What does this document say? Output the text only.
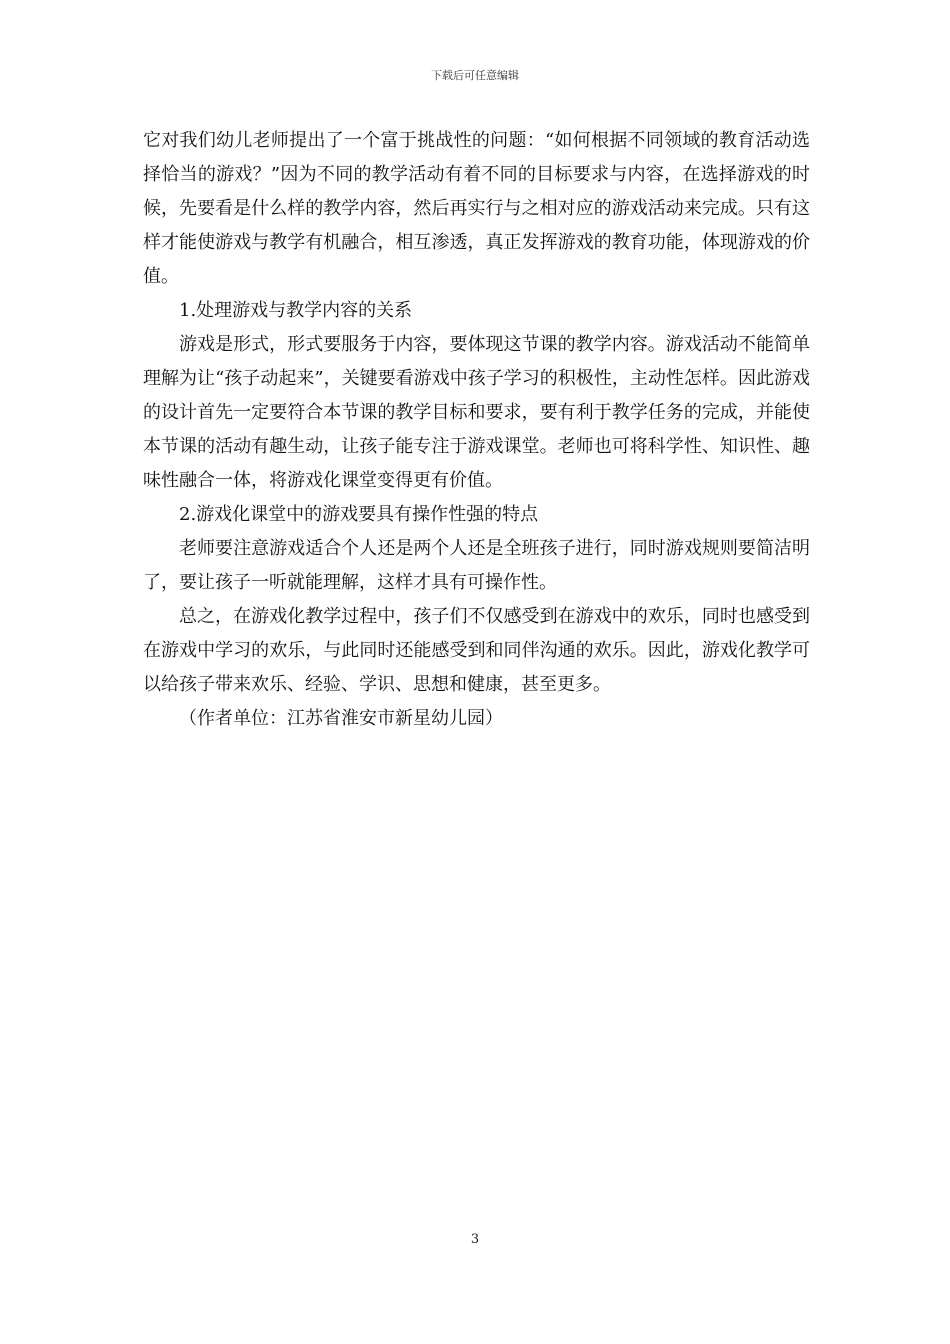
下载后可任意编辑

它对我们幼儿老师提出了一个富于挑战性的问题：“如何根据不同领域的教育活动选择恰当的游戏？”因为不同的教学活动有着不同的目标要求与内容，在选择游戏的时候，先要看是什么样的教学内容，然后再实行与之相对应的游戏活动来完成。只有这样才能使游戏与教学有机融合，相互渗透，真正发挥游戏的教育功能，体现游戏的价值。

1.处理游戏与教学内容的关系

游戏是形式，形式要服务于内容，要体现这节课的教学内容。游戏活动不能简单理解为让“孩子动起来”，关键要看游戏中孩子学习的积极性，主动性怎样。因此游戏的设计首先一定要符合本节课的教学目标和要求，要有利于教学任务的完成，并能使本节课的活动有趣生动，让孩子能专注于游戏课堂。老师也可将科学性、知识性、趣味性融合一体，将游戏化课堂变得更有价值。

2.游戏化课堂中的游戏要具有操作性强的特点

老师要注意游戏适合个人还是两个人还是全班孩子进行，同时游戏规则要简洁明了，要让孩子一听就能理解，这样才具有可操作性。

总之，在游戏化教学过程中，孩子们不仅感受到在游戏中的欢乐，同时也感受到在游戏中学习的欢乐，与此同时还能感受到和同伴沟通的欢乐。因此，游戏化教学可以给孩子带来欢乐、经验、学识、思想和健康，甚至更多。

（作者单位：江苏省淮安市新星幼儿园）

3
